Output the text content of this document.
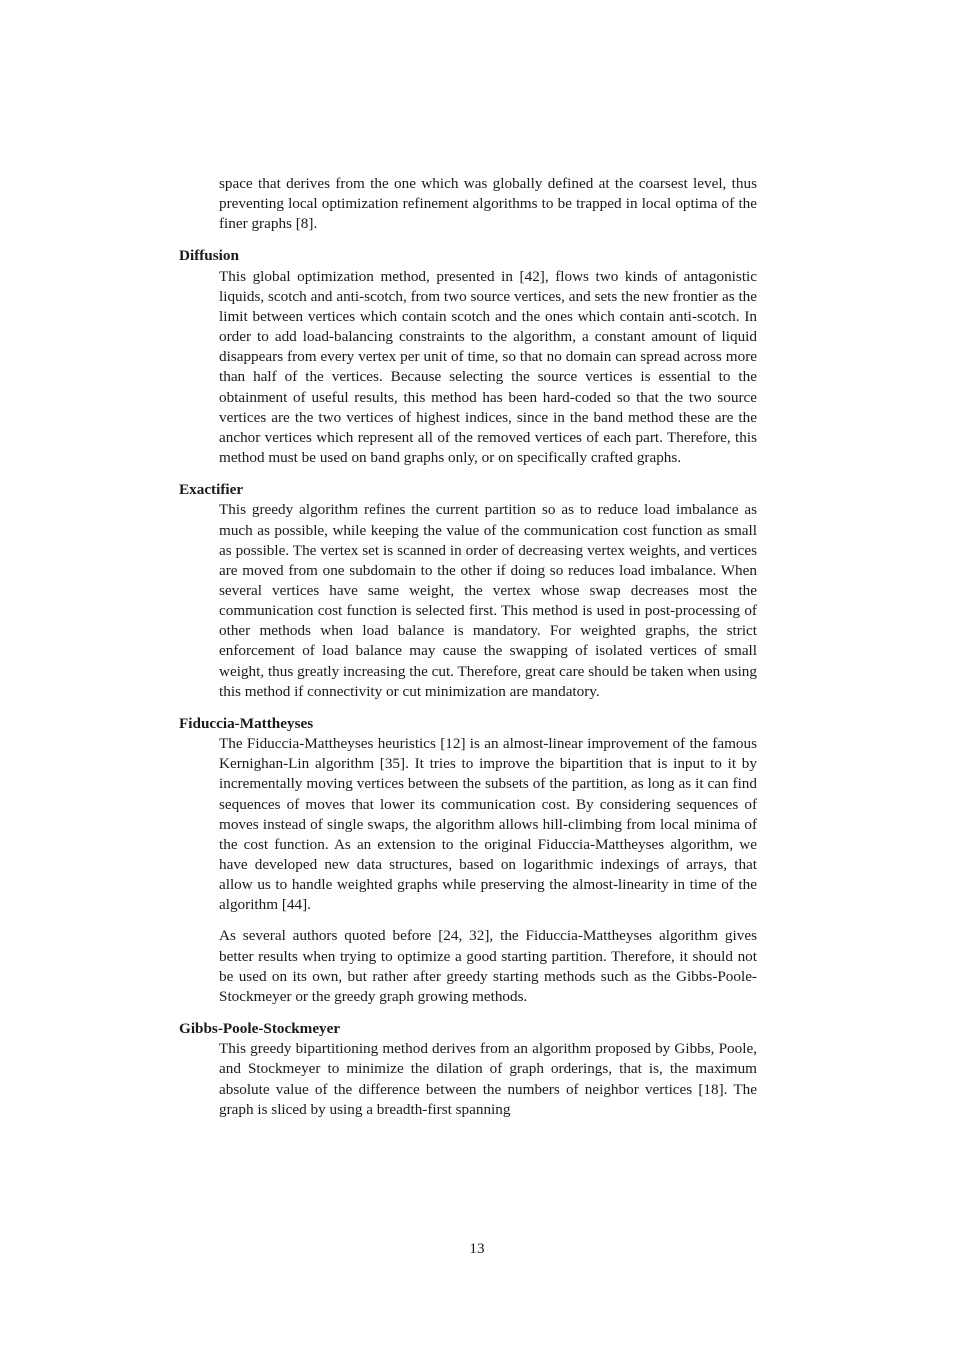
space that derives from the one which was globally defined at the coarsest level, thus preventing local optimization refinement algorithms to be trapped in local optima of the finer graphs [8].

Diffusion

This global optimization method, presented in [42], flows two kinds of antagonistic liquids, scotch and anti-scotch, from two source vertices, and sets the new frontier as the limit between vertices which contain scotch and the ones which contain anti-scotch. In order to add load-balancing constraints to the algorithm, a constant amount of liquid disappears from every vertex per unit of time, so that no domain can spread across more than half of the vertices. Because selecting the source vertices is essential to the obtainment of useful results, this method has been hard-coded so that the two source vertices are the two vertices of highest indices, since in the band method these are the anchor vertices which represent all of the removed vertices of each part. Therefore, this method must be used on band graphs only, or on specifically crafted graphs.

Exactifier

This greedy algorithm refines the current partition so as to reduce load imbalance as much as possible, while keeping the value of the communication cost function as small as possible. The vertex set is scanned in order of decreasing vertex weights, and vertices are moved from one subdomain to the other if doing so reduces load imbalance. When several vertices have same weight, the vertex whose swap decreases most the communication cost function is selected first. This method is used in post-processing of other methods when load balance is mandatory. For weighted graphs, the strict enforcement of load balance may cause the swapping of isolated vertices of small weight, thus greatly increasing the cut. Therefore, great care should be taken when using this method if connectivity or cut minimization are mandatory.

Fiduccia-Mattheyses

The Fiduccia-Mattheyses heuristics [12] is an almost-linear improvement of the famous Kernighan-Lin algorithm [35]. It tries to improve the bipartition that is input to it by incrementally moving vertices between the subsets of the partition, as long as it can find sequences of moves that lower its communication cost. By considering sequences of moves instead of single swaps, the algorithm allows hill-climbing from local minima of the cost function. As an extension to the original Fiduccia-Mattheyses algorithm, we have developed new data structures, based on logarithmic indexings of arrays, that allow us to handle weighted graphs while preserving the almost-linearity in time of the algorithm [44].

As several authors quoted before [24, 32], the Fiduccia-Mattheyses algorithm gives better results when trying to optimize a good starting partition. Therefore, it should not be used on its own, but rather after greedy starting methods such as the Gibbs-Poole-Stockmeyer or the greedy graph growing methods.

Gibbs-Poole-Stockmeyer

This greedy bipartitioning method derives from an algorithm proposed by Gibbs, Poole, and Stockmeyer to minimize the dilation of graph orderings, that is, the maximum absolute value of the difference between the numbers of neighbor vertices [18]. The graph is sliced by using a breadth-first spanning

13
